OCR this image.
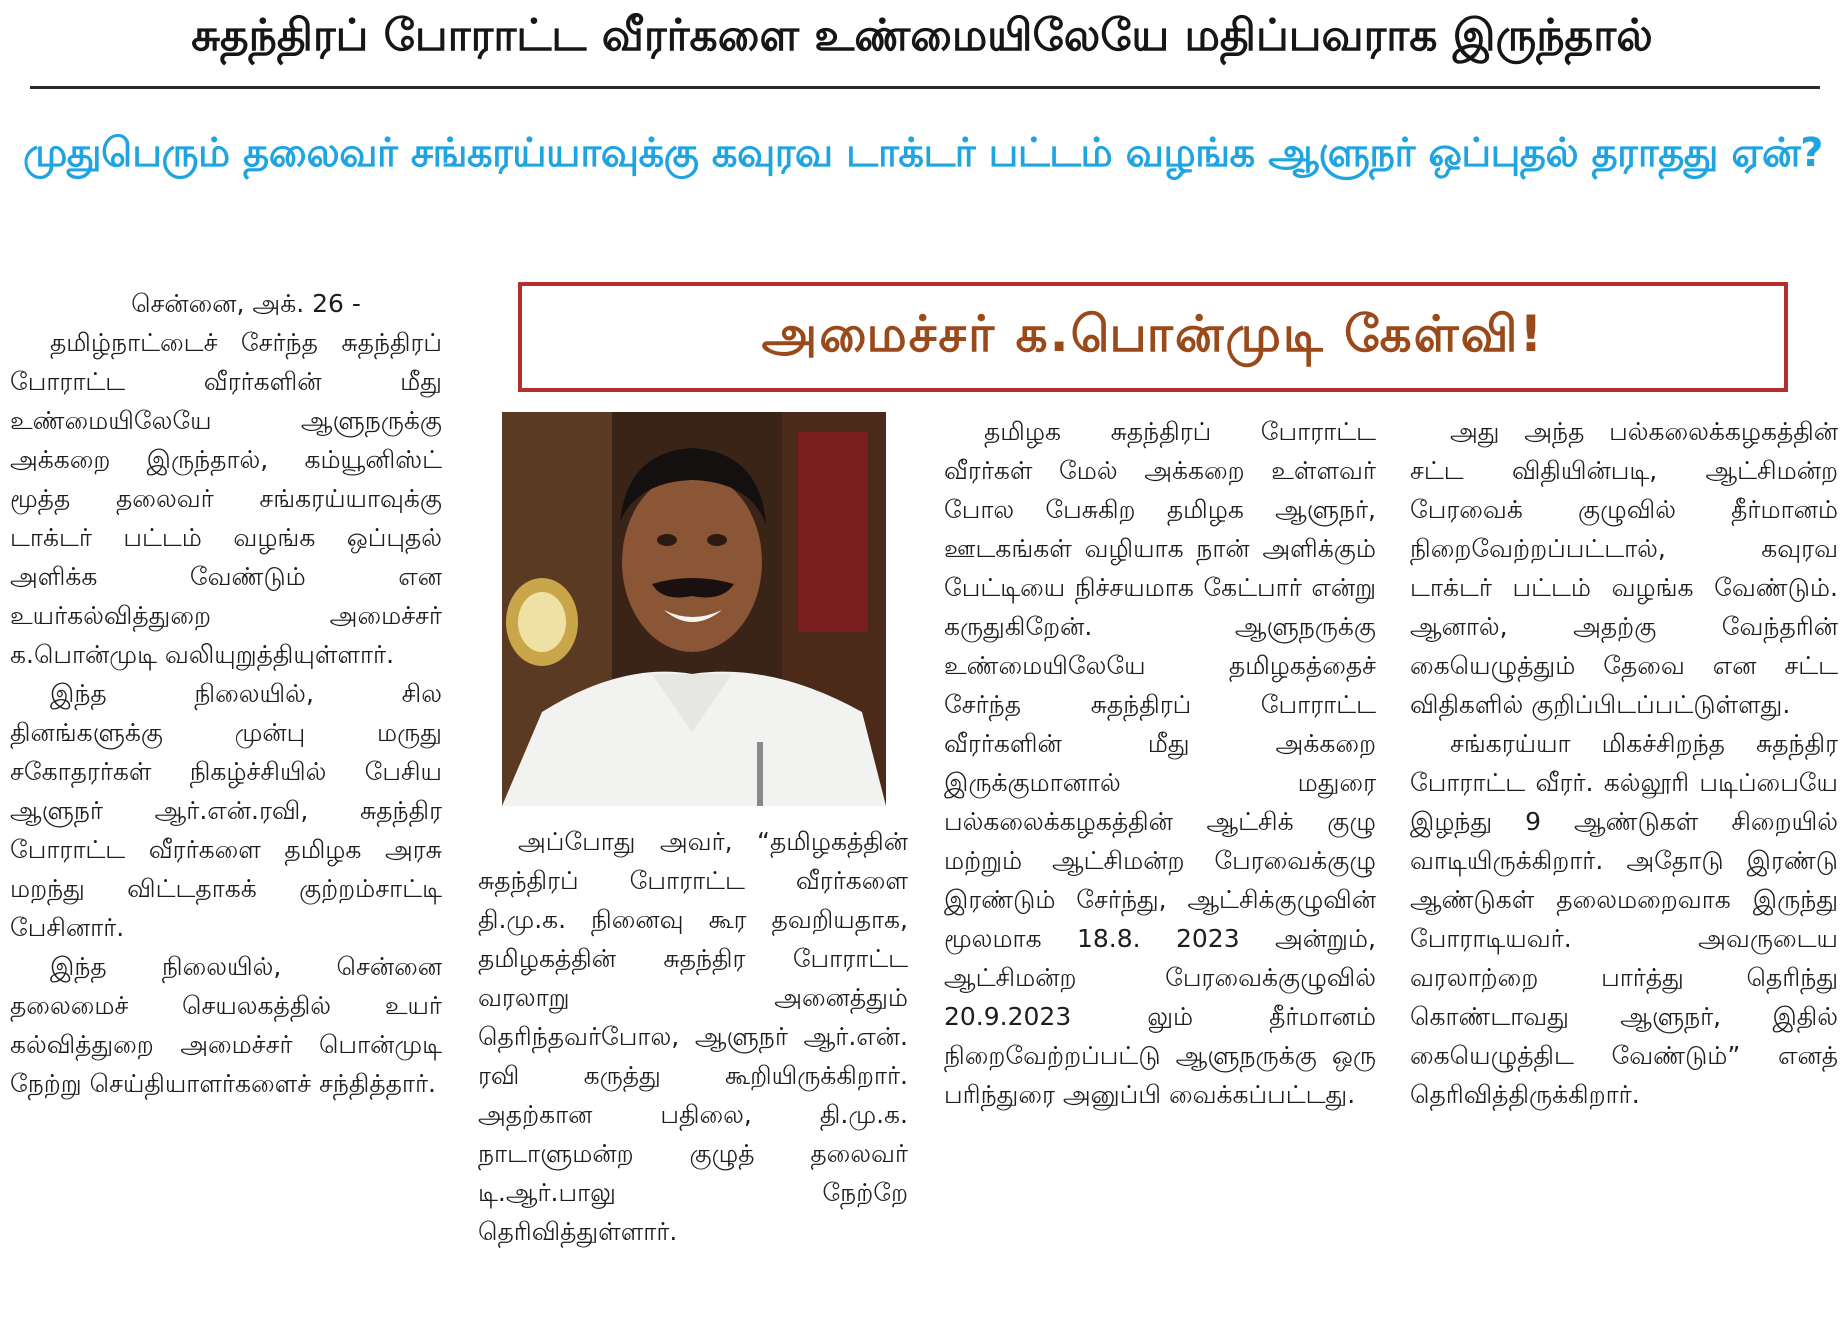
சுதந்திரப் போராட்ட வீரர்களை உண்மையிலேயே மதிப்பவராக இருந்தால்
முதுபெரும் தலைவர் சங்கரய்யாவுக்கு கவுரவ டாக்டர் பட்டம் வழங்க ஆளுநர் ஒப்புதல் தராதது ஏன்?
அமைச்சர் க.பொன்முடி கேள்வி!

சென்னை, அக். 26 -

தமிழ்நாட்டைச் சேர்ந்த சுதந்திரப் போராட்ட வீரர்களின் மீது உண்மையிலேயே ஆளுநருக்கு அக்கறை இருந்தால், கம்யூனிஸ்ட் மூத்த தலைவர் சங்கரய்யாவுக்கு டாக்டர் பட்டம் வழங்க ஒப்புதல் அளிக்க வேண்டும் என உயர்கல்வித்துறை அமைச்சர் க.பொன்முடி வலியுறுத்தியுள்ளார்.

இந்த நிலையில், சில தினங்களுக்கு முன்பு மருது சகோதரர்கள் நிகழ்ச்சியில் பேசிய ஆளுநர் ஆர்.என்.ரவி, சுதந்திர போராட்ட வீரர்களை தமிழக அரசு மறந்து விட்டதாகக் குற்றம்சாட்டி பேசினார்.

இந்த நிலையில், சென்னை தலைமைச் செயலகத்தில் உயர் கல்வித்துறை அமைச்சர் பொன்முடி நேற்று செய்தியாளர்களைச் சந்தித்தார்.

அப்போது அவர், “தமிழகத்தின் சுதந்திரப் போராட்ட வீரர்களை தி.மு.க. நினைவு கூர தவறியதாக, தமிழகத்தின் சுதந்திர போராட்ட வரலாறு அனைத்தும் தெரிந்தவர்போல, ஆளுநர் ஆர்.என். ரவி கருத்து கூறியிருக்கிறார். அதற்கான பதிலை, தி.மு.க. நாடாளுமன்ற குழுத் தலைவர் டி.ஆர்.பாலு நேற்றே தெரிவித்துள்ளார்.

தமிழக சுதந்திரப் போராட்ட வீரர்கள் மேல் அக்கறை உள்ளவர் போல பேசுகிற தமிழக ஆளுநர், ஊடகங்கள் வழியாக நான் அளிக்கும் பேட்டியை நிச்சயமாக கேட்பார் என்று கருதுகிறேன். ஆளுநருக்கு உண்மையிலேயே தமிழகத்தைச் சேர்ந்த சுதந்திரப் போராட்ட வீரர்களின் மீது அக்கறை இருக்குமானால் மதுரை பல்கலைக்கழகத்தின் ஆட்சிக் குழு மற்றும் ஆட்சிமன்ற பேரவைக்குழு இரண்டும் சேர்ந்து, ஆட்சிக்குழுவின் மூலமாக 18.8. 2023 அன்றும், ஆட்சிமன்ற பேரவைக்குழுவில் 20.9.2023 லும் தீர்மானம் நிறைவேற்றப்பட்டு ஆளுநருக்கு ஒரு பரிந்துரை அனுப்பி வைக்கப்பட்டது.

அது அந்த பல்கலைக்கழகத்தின் சட்ட விதியின்படி, ஆட்சிமன்ற பேரவைக் குழுவில் தீர்மானம் நிறைவேற்றப்பட்டால், கவுரவ டாக்டர் பட்டம் வழங்க வேண்டும். ஆனால், அதற்கு வேந்தரின் கையெழுத்தும் தேவை என சட்ட விதிகளில் குறிப்பிடப்பட்டுள்ளது.

சங்கரய்யா மிகச்சிறந்த சுதந்திர போராட்ட வீரர். கல்லூரி படிப்பையே இழந்து 9 ஆண்டுகள் சிறையில் வாடியிருக்கிறார். அதோடு இரண்டு ஆண்டுகள் தலைமறைவாக இருந்து போராடியவர். அவருடைய வரலாற்றை பார்த்து தெரிந்து கொண்டாவது ஆளுநர், இதில் கையெழுத்திட வேண்டும்” எனத் தெரிவித்திருக்கிறார்.
